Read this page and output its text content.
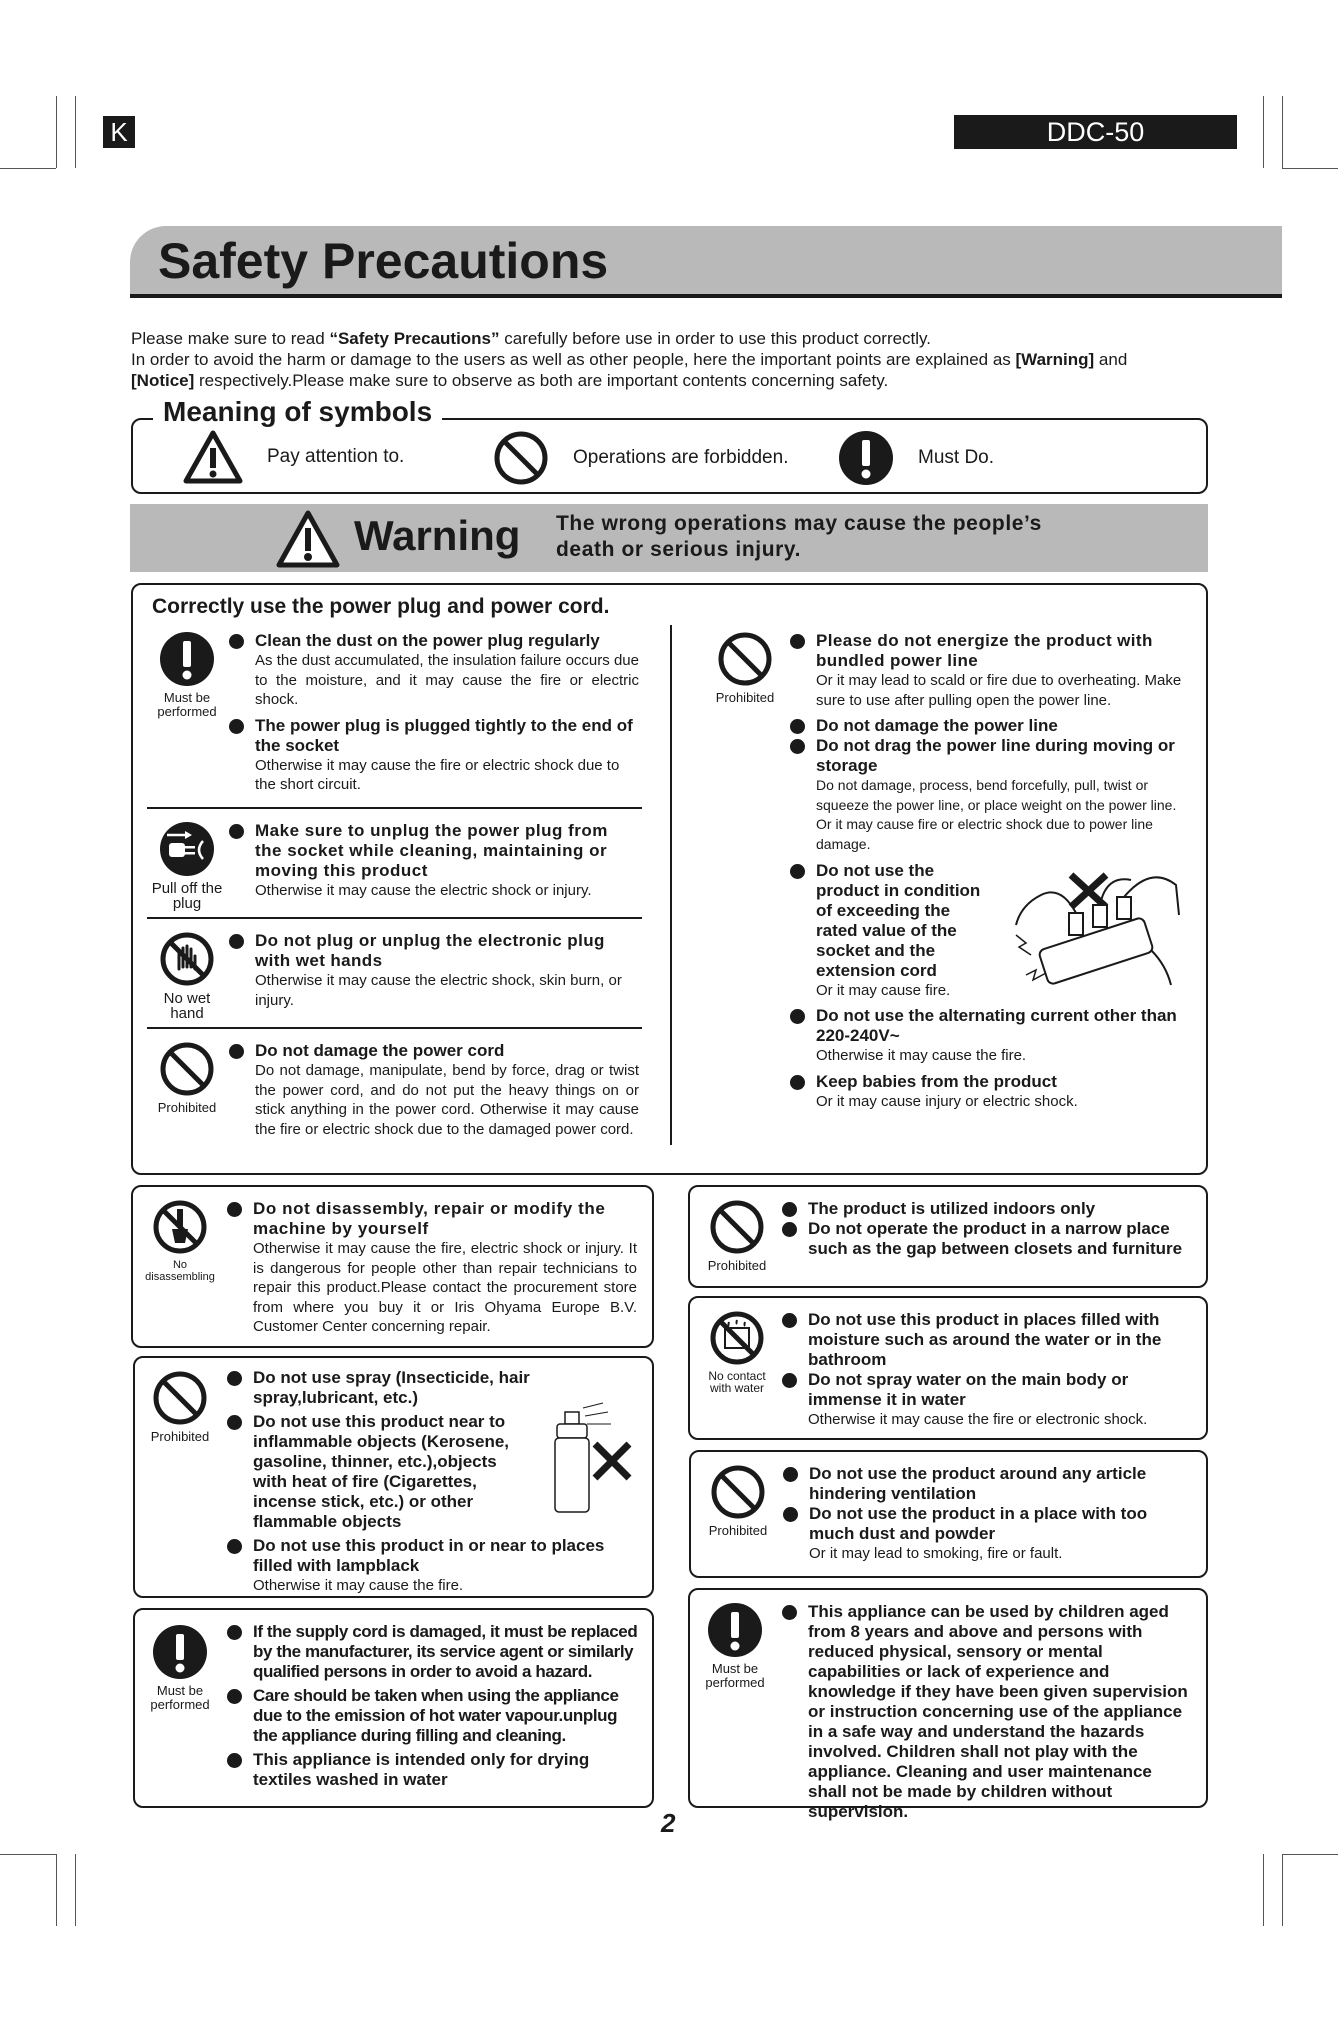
K	DDC-50
Safety Precautions
Please make sure to read “Safety Precautions” carefully before use in order to use this product correctly.
In order to avoid the harm or damage to the users as well as other people, here the important points are explained as [Warning] and
[Notice] respectively.Please make sure to observe as both are important contents concerning safety.
Meaning of symbols
Pay attention to.	Operations are forbidden.	Must Do.
Warning The wrong operations may cause the people’s
death or serious injury.
Correctly use the power plug and power cord.
Must be performed
Clean the dust on the power plug regularly
As the dust accumulated, the insulation failure occurs due to the moisture, and it may cause the fire or electric shock.
The power plug is plugged tightly to the end of the socket
Otherwise it may cause the fire or electric shock due to the short circuit.
Pull off the plug
Make sure to unplug the power plug from the socket while cleaning, maintaining or moving this product
Otherwise it may cause the electric shock or injury.
No wet hand
Do not plug or unplug the electronic plug with wet hands
Otherwise it may cause the electric shock, skin burn, or injury.
Prohibited
Do not damage the power cord
Do not damage, manipulate, bend by force, drag or twist the power cord, and do not put the heavy things on or stick anything in the power cord. Otherwise it may cause the fire or electric shock due to the damaged power cord.
Prohibited
Please do not energize the product with bundled power line
Or it may lead to scald or fire due to overheating. Make sure to use after pulling open the power line.
Do not damage the power line
Do not drag the power line during moving or storage
Do not damage, process, bend forcefully, pull, twist or squeeze the power line, or place weight on the power line. Or it may cause fire or electric shock due to power line damage.
Do not use the product in condition of exceeding the rated value of the socket and the extension cord
Or it may cause fire.
Do not use the alternating current other than 220-240V~
Otherwise it may cause the fire.
Keep babies from the product
Or it may cause injury or electric shock.
No disassembling
Do not disassembly, repair or modify the machine by yourself
Otherwise it may cause the fire, electric shock or injury. It is dangerous for people other than repair technicians to repair this product.Please contact the procurement store from where you buy it or Iris Ohyama Europe B.V. Customer Center concerning repair.
Prohibited
Do not use spray (Insecticide, hair spray,lubricant, etc.)
Do not use this product near to inflammable objects (Kerosene, gasoline, thinner, etc.),objects with heat of fire (Cigarettes, incense stick, etc.) or other flammable objects
Do not use this product in or near to places filled with lampblack
Otherwise it may cause the fire.
Must be performed
If the supply cord is damaged, it must be replaced by the manufacturer, its service agent or similarly qualified persons in order to avoid a hazard.
Care should be taken when using the appliance due to the emission of hot water vapour.unplug the appliance during filling and cleaning.
This appliance is intended only for drying textiles washed in water
Prohibited
The product is utilized indoors only
Do not operate the product in a narrow place such as the gap between closets and furniture
No contact with water
Do not use this product in places filled with moisture such as around the water or in the bathroom
Do not spray water on the main body or immense it in water
Otherwise it may cause the fire or electronic shock.
Prohibited
Do not use the product around any article hindering ventilation
Do not use the product in a place with too much dust and powder
Or it may lead to smoking, fire or fault.
Must be performed
This appliance can be used by children aged from 8 years and above and persons with reduced physical, sensory or mental capabilities or lack of experience and knowledge if they have been given supervision or instruction concerning use of the appliance in a safe way and understand the hazards involved. Children shall not play with the appliance. Cleaning and user maintenance shall not be made by children without supervision.
2
